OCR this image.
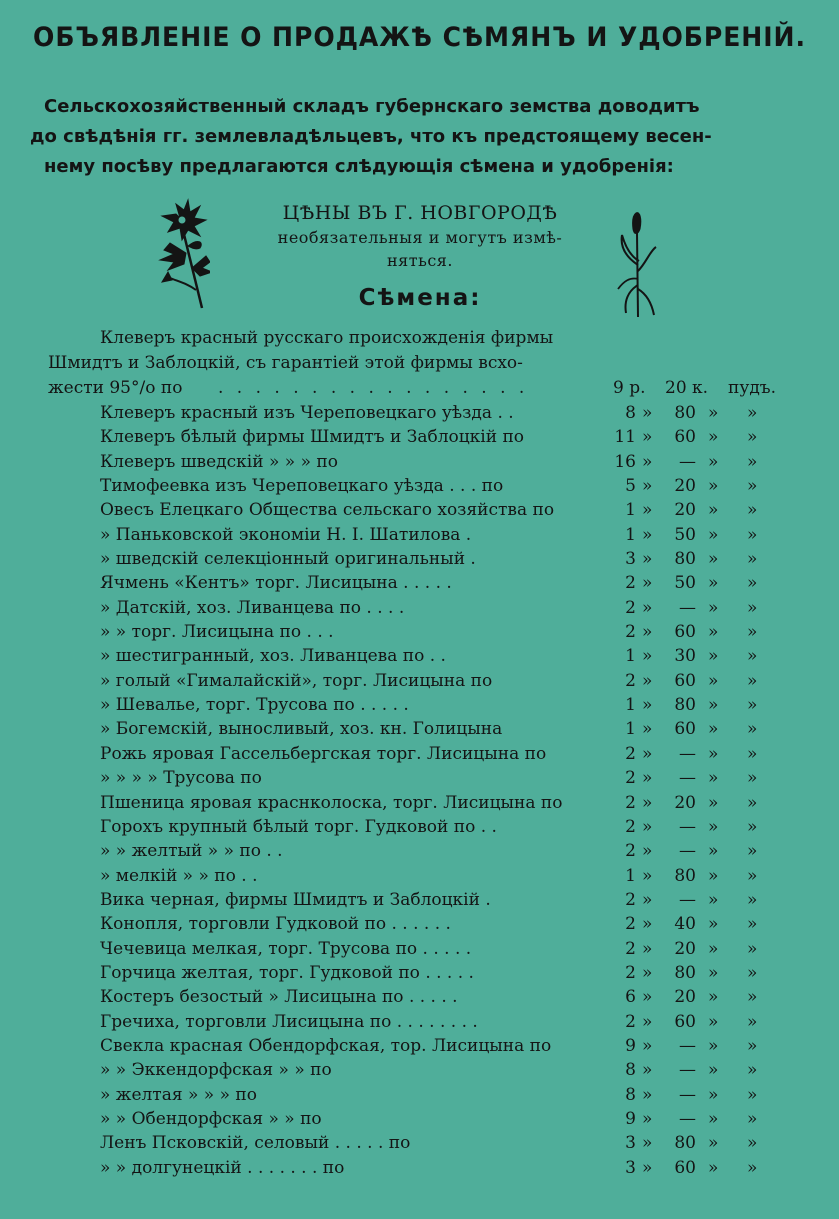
ОБЪЯВЛЕНІЕ О ПРОДАЖѢ СѢМЯНЪ И УДОБРЕНІЙ.
Сельскохозяйственный складъ губернскаго земства доводитъ
до свѣдѣнія гг. землевладѣльцевъ, что къ предстоящему весен-
нему посѣву предлагаются слѣдующія сѣмена и удобренія:
ЦѢНЫ ВЪ Г. НОВГОРОДѢ
необязательныя и могутъ измѣ-
няться.
Сѣмена:
Клеверъ красный русскаго происхожденія фирмы
Шмидтъ и Заблоцкій, съ гарантіей этой фирмы всхо-
жести 95°/о по . . . . . . . . . . . . . . . . .	9 р. 20 к. пудъ.
Клеверъ красный изъ Череповецкаго уѣзда . .	8 »	80 » »
Клеверъ бѣлый фирмы Шмидтъ и Заблоцкій по	11 »	60 » »
Клеверъ шведскій » » » по	16 »	— » »
Тимофеевка изъ Череповецкаго уѣзда . . . по	5 »	20 » »
Овесъ Елецкаго Общества сельскаго хозяйства по	1 »	20 » »
» Паньковской экономіи Н. І. Шатилова .	1 »	50 » »
» шведскій селекціонный оригинальный .	3 »	80 » »
Ячмень «Кентъ» торг. Лисицына . . . . .	2 »	50 » »
» Датскій, хоз. Ливанцева по . . . .	2 »	— » »
» » торг. Лисицына по . . .	2 »	60 » »
» шестигранный, хоз. Ливанцева по . .	1 »	30 » »
» голый «Гималайскій», торг. Лисицына по	2 »	60 » »
» Шевалье, торг. Трусова по . . . . .	1 »	80 » »
» Богемскій, выносливый, хоз. кн. Голицына	1 »	60 » »
Рожь яровая Гассельбергская торг. Лисицына по	2 »	— » »
» » » » Трусова по	2 »	— » »
Пшеница яровая краснколоска, торг. Лисицына по	2 »	20 » »
Горохъ крупный бѣлый торг. Гудковой по . .	2 »	— » »
» » желтый » » по . .	2 »	— » »
» мелкій » » по . .	1 »	80 » »
Вика черная, фирмы Шмидтъ и Заблоцкій .	2 »	— » »
Конопля, торговли Гудковой по . . . . . .	2 »	40 » »
Чечевица мелкая, торг. Трусова по . . . . .	2 »	20 » »
Горчица желтая, торг. Гудковой по . . . . .	2 »	80 » »
Костеръ безостый » Лисицына по . . . . .	6 »	20 » »
Гречиха, торговли Лисицына по . . . . . . . .	2 »	60 » »
Свекла красная Обендорфская, тор. Лисицына по	9 »	— » »
» » Эккендорфская » » по	8 »	— » »
» желтая » » » по	8 »	— » »
» » Обендорфская » » по	9 »	— » »
Ленъ Псковскій, селовый . . . . . по	3 »	80 » »
» » долгунецкій . . . . . . . по	3 »	60 » »
